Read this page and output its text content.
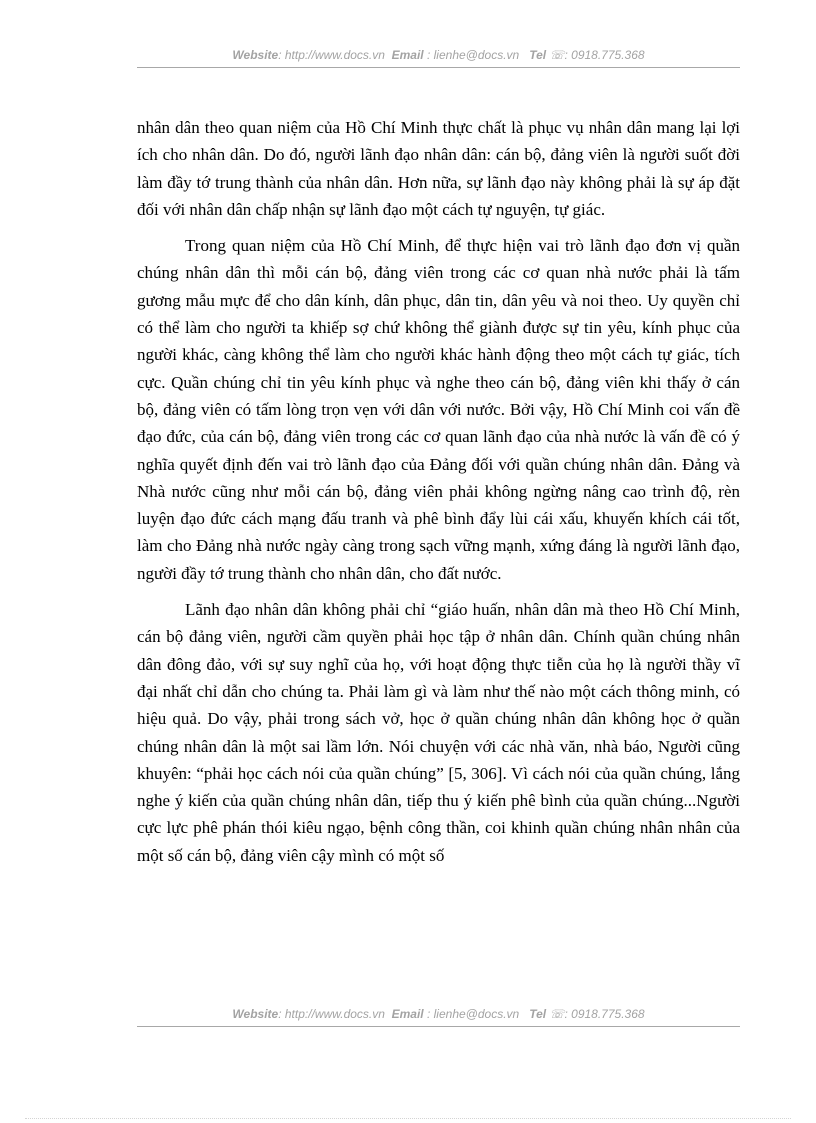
Website: http://www.docs.vn Email : lienhe@docs.vn Tel ☏: 0918.775.368

nhân dân theo quan niệm của Hồ Chí Minh thực chất là phục vụ nhân dân mang lại lợi ích cho nhân dân. Do đó, người lãnh đạo nhân dân: cán bộ, đảng viên là người suốt đời làm đầy tớ trung thành của nhân dân. Hơn nữa, sự lãnh đạo này không phải là sự áp đặt đối với nhân dân chấp nhận sự lãnh đạo một cách tự nguyện, tự giác.

Trong quan niệm của Hồ Chí Minh, để thực hiện vai trò lãnh đạo đơn vị quần chúng nhân dân thì mỗi cán bộ, đảng viên trong các cơ quan nhà nước phải là tấm gương mẫu mực để cho dân kính, dân phục, dân tin, dân yêu và noi theo. Uy quyền chỉ có thể làm cho người ta khiếp sợ chứ không thể giành được sự tin yêu, kính phục của người khác, càng không thể làm cho người khác hành động theo một cách tự giác, tích cực. Quần chúng chỉ tin yêu kính phục và nghe theo cán bộ, đảng viên khi thấy ở cán bộ, đảng viên có tấm lòng trọn vẹn với dân với nước. Bởi vậy, Hồ Chí Minh coi vấn đề đạo đức, của cán bộ, đảng viên trong các cơ quan lãnh đạo của nhà nước là vấn đề có ý nghĩa quyết định đến vai trò lãnh đạo của Đảng đối với quần chúng nhân dân. Đảng và Nhà nước cũng như mỗi cán bộ, đảng viên phải không ngừng nâng cao trình độ, rèn luyện đạo đức cách mạng đấu tranh và phê bình đẩy lùi cái xấu, khuyến khích cái tốt, làm cho Đảng nhà nước ngày càng trong sạch vững mạnh, xứng đáng là người lãnh đạo, người đầy tớ trung thành cho nhân dân, cho đất nước.

Lãnh đạo nhân dân không phải chỉ “giáo huấn, nhân dân mà theo Hồ Chí Minh, cán bộ đảng viên, người cầm quyền phải học tập ở nhân dân. Chính quần chúng nhân dân đông đảo, với sự suy nghĩ của họ, với hoạt động thực tiễn của họ là người thầy vĩ đại nhất chỉ dẫn cho chúng ta. Phải làm gì và làm như thế nào một cách thông minh, có hiệu quả. Do vậy, phải trong sách vở, học ở quần chúng nhân dân không học ở quần chúng nhân dân là một sai lầm lớn. Nói chuyện với các nhà văn, nhà báo, Người cũng khuyên: “phải học cách nói của quần chúng” [5, 306]. Vì cách nói của quần chúng, lắng nghe ý kiến của quần chúng nhân dân, tiếp thu ý kiến phê bình của quần chúng...Người cực lực phê phán thói kiêu ngạo, bệnh công thần, coi khinh quần chúng nhân nhân của một số cán bộ, đảng viên cậy mình có một số

Website: http://www.docs.vn Email : lienhe@docs.vn Tel ☏: 0918.775.368
